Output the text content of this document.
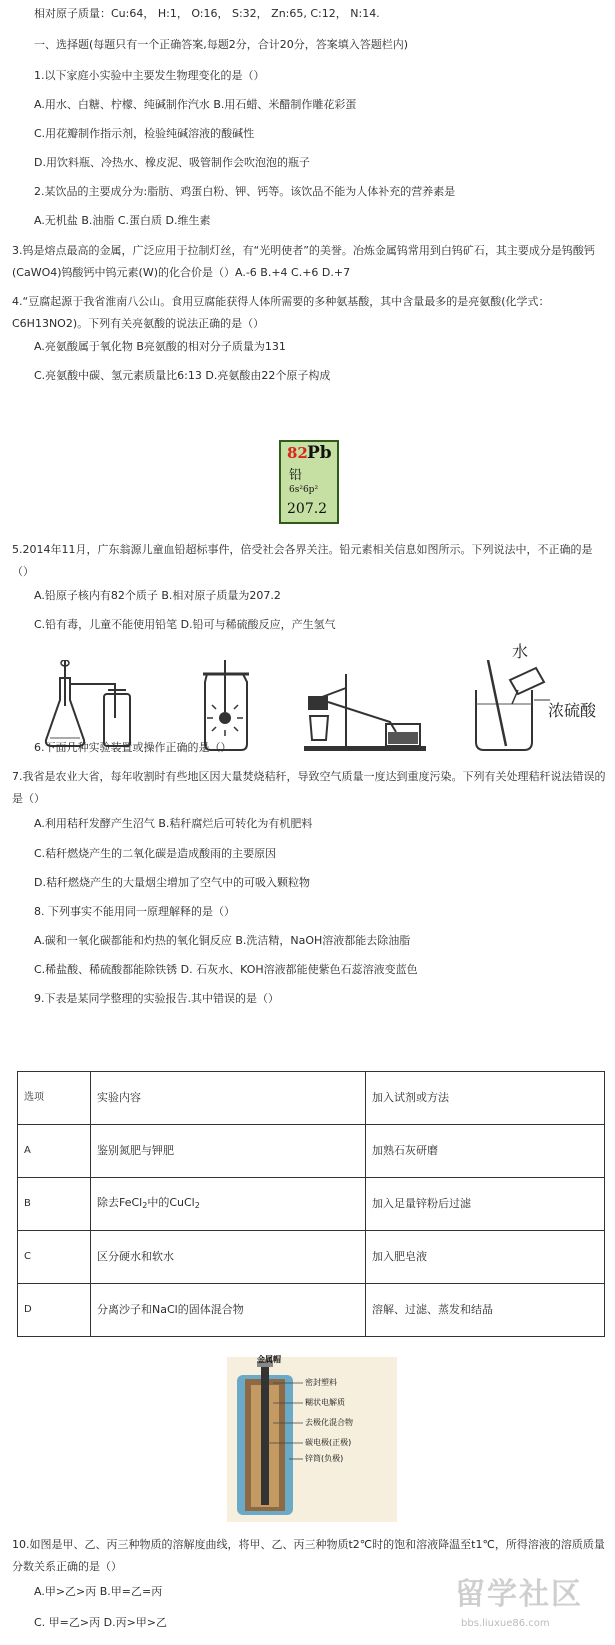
相对原子质量：Cu:64， H:1， O:16， S:32， Zn:65, C:12， N:14.

一、选择题(每题只有一个正确答案,每题2分，合计20分，答案填入答题栏内)

1.以下家庭小实验中主要发生物理变化的是（）

A.用水、白糖、柠檬、纯碱制作汽水 B.用石蜡、米醋制作雕花彩蛋

C.用花瓣制作指示剂，检验纯碱溶液的酸碱性

D.用饮料瓶、冷热水、橡皮泥、吸管制作会吹泡泡的瓶子

2.某饮品的主要成分为:脂肪、鸡蛋白粉、钾、钙等。该饮品不能为人体补充的营养素是

A.无机盐 B.油脂 C.蛋白质 D.维生素

3.钨是熔点最高的金属，广泛应用于拉制灯丝，有“光明使者”的美誉。冶炼金属钨常用到白钨矿石，其主要成分是钨酸钙(CaWO4)钨酸钙中钨元素(W)的化合价是（）A.-6 B.+4 C.+6 D.+7

4.“豆腐起源于我省淮南八公山。食用豆腐能获得人体所需要的多种氨基酸，其中含量最多的是亮氨酸(化学式：C6H13NO2)。下列有关亮氨酸的说法正确的是（）

A.亮氨酸属于氧化物 B亮氨酸的相对分子质量为131

C.亮氨酸中碳、氢元素质量比6:13 D.亮氨酸由22个原子构成

82 Pb
铅
6s²6p²
207.2

5.2014年11月，广东翁源儿童血铅超标事件，倍受社会各界关注。铅元素相关信息如图所示。下列说法中，不正确的是（）

A.铅原子核内有82个质子 B.相对原子质量为207.2

C.铅有毒，儿童不能使用铅笔 D.铅可与稀硫酸反应，产生氢气

水
浓硫酸

6.下面几种实验装置或操作正确的是（）

7.我省是农业大省，每年收割时有些地区因大量焚烧秸秆，导致空气质量一度达到重度污染。下列有关处理秸秆说法错误的是（）

A.利用秸秆发酵产生沼气 B.秸秆腐烂后可转化为有机肥料

C.秸秆燃烧产生的二氧化碳是造成酸雨的主要原因

D.秸秆燃烧产生的大量烟尘增加了空气中的可吸入颗粒物

8. 下列事实不能用同一原理解释的是（）

A.碳和一氧化碳都能和灼热的氧化铜反应 B.洗洁精，NaOH溶液都能去除油脂

C.稀盐酸、稀硫酸都能除铁锈 D. 石灰水、KOH溶液都能使紫色石蕊溶液变蓝色

9.下表是某同学整理的实验报告.其中错误的是（）

选项	实验内容	加入试剂或方法
A	鉴别氮肥与钾肥	加熟石灰研磨
B	除去FeCl$_2$中的CuCl$_2$	加入足量锌粉后过滤
C	区分硬水和软水	加入肥皂液
D	分离沙子和NaCl的固体混合物	溶解、过滤、蒸发和结晶
金属帽
密封塑料
糊状电解质
去极化混合物
碳电极(正极)
锌筒(负极)

10.如图是甲、乙、丙三种物质的溶解度曲线，将甲、乙、丙三种物质t2℃时的饱和溶液降温至t1℃，所得溶液的溶质质量分数关系正确的是（）

A.甲>乙>丙 B.甲=乙=丙

C. 甲=乙>丙 D.丙>甲>乙

留学社区
bbs.liuxue86.com
